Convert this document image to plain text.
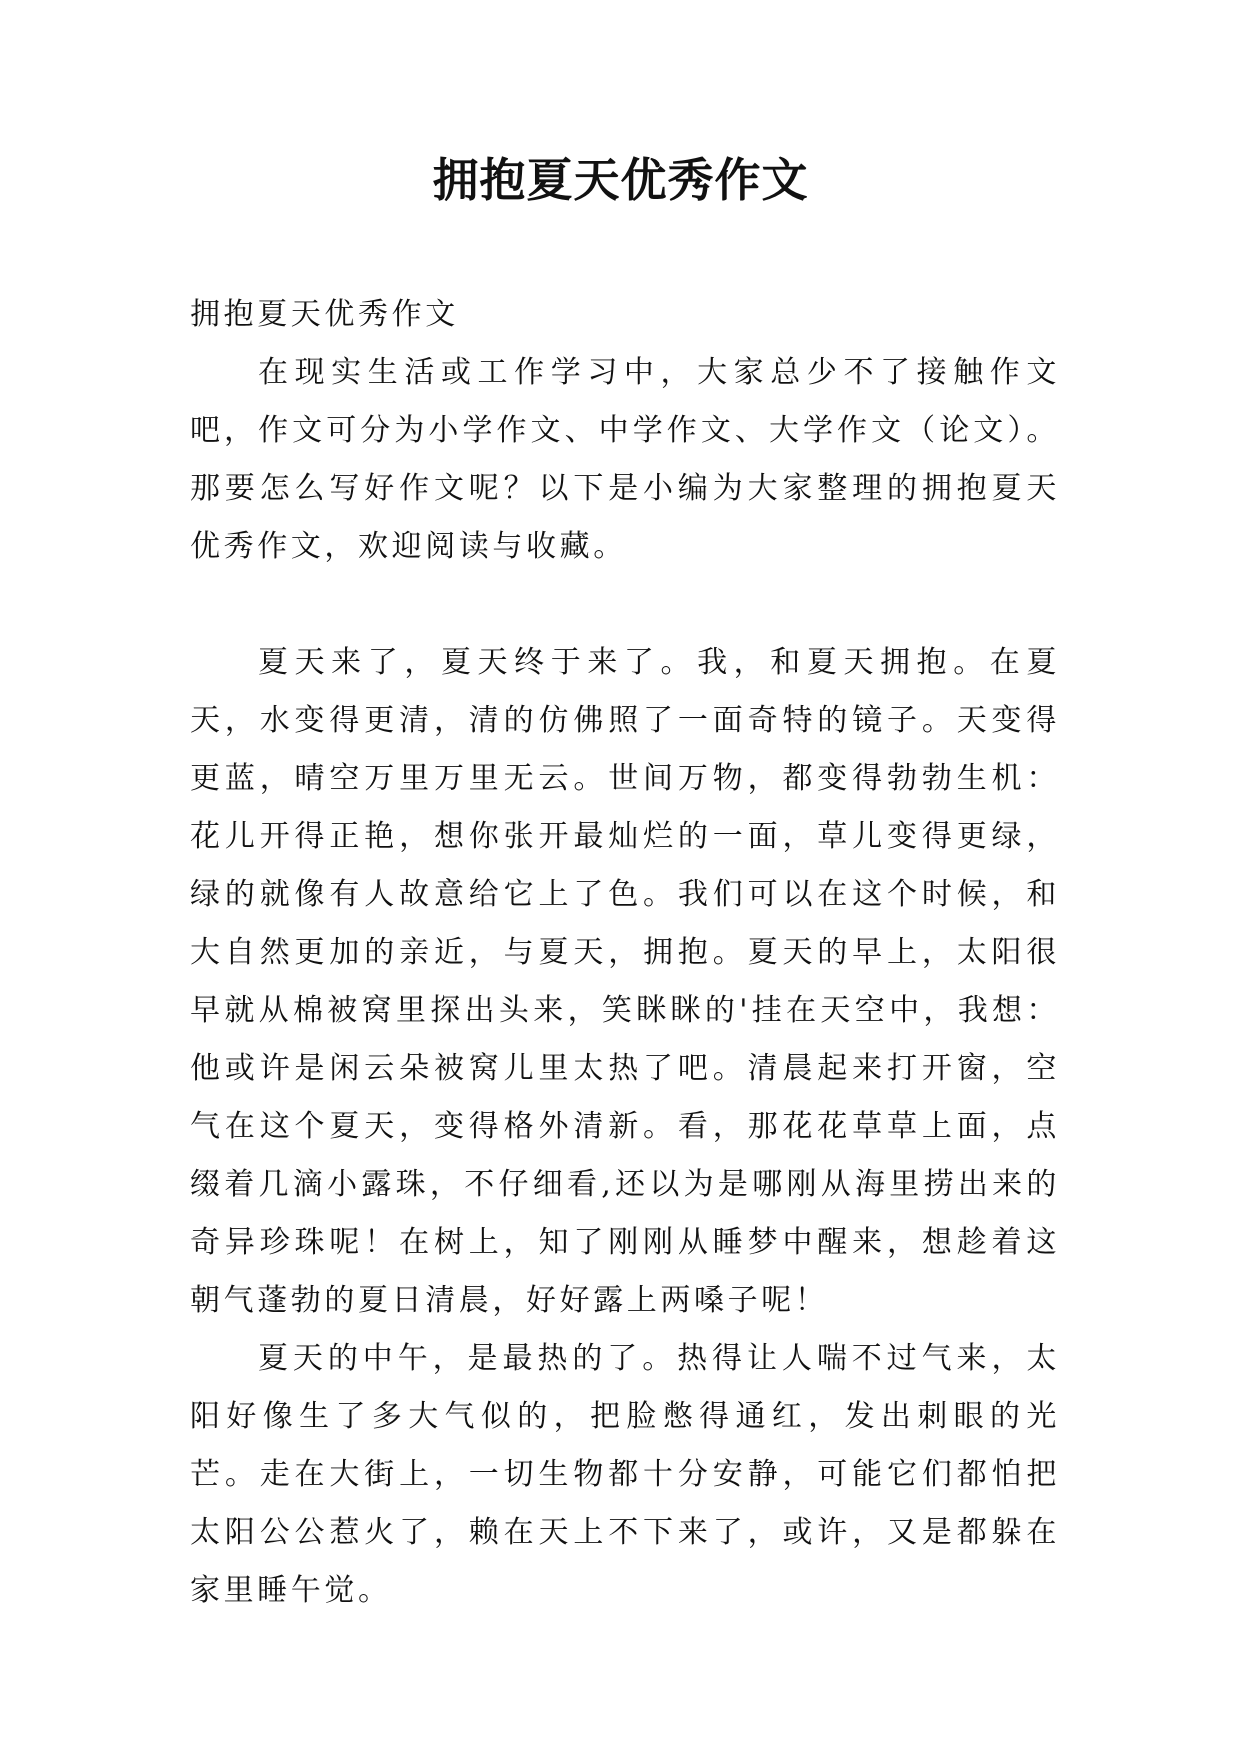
拥抱夏天优秀作文

拥抱夏天优秀作文

在现实生活或工作学习中，大家总少不了接触作文吧，作文可分为小学作文、中学作文、大学作文（论文）。那要怎么写好作文呢？以下是小编为大家整理的拥抱夏天优秀作文，欢迎阅读与收藏。

夏天来了，夏天终于来了。我，和夏天拥抱。在夏天，水变得更清，清的仿佛照了一面奇特的镜子。天变得更蓝，晴空万里万里无云。世间万物，都变得勃勃生机：花儿开得正艳，想你张开最灿烂的一面，草儿变得更绿，绿的就像有人故意给它上了色。我们可以在这个时候，和大自然更加的亲近，与夏天，拥抱。夏天的早上，太阳很早就从棉被窝里探出头来，笑眯眯的'挂在天空中，我想：他或许是闲云朵被窝儿里太热了吧。清晨起来打开窗，空气在这个夏天，变得格外清新。看，那花花草草上面，点缀着几滴小露珠，不仔细看,还以为是哪刚从海里捞出来的奇异珍珠呢！在树上，知了刚刚从睡梦中醒来，想趁着这朝气蓬勃的夏日清晨，好好露上两嗓子呢！

夏天的中午，是最热的了。热得让人喘不过气来，太阳好像生了多大气似的，把脸憋得通红，发出刺眼的光芒。走在大街上，一切生物都十分安静，可能它们都怕把太阳公公惹火了，赖在天上不下来了，或许，又是都躲在家里睡午觉。
